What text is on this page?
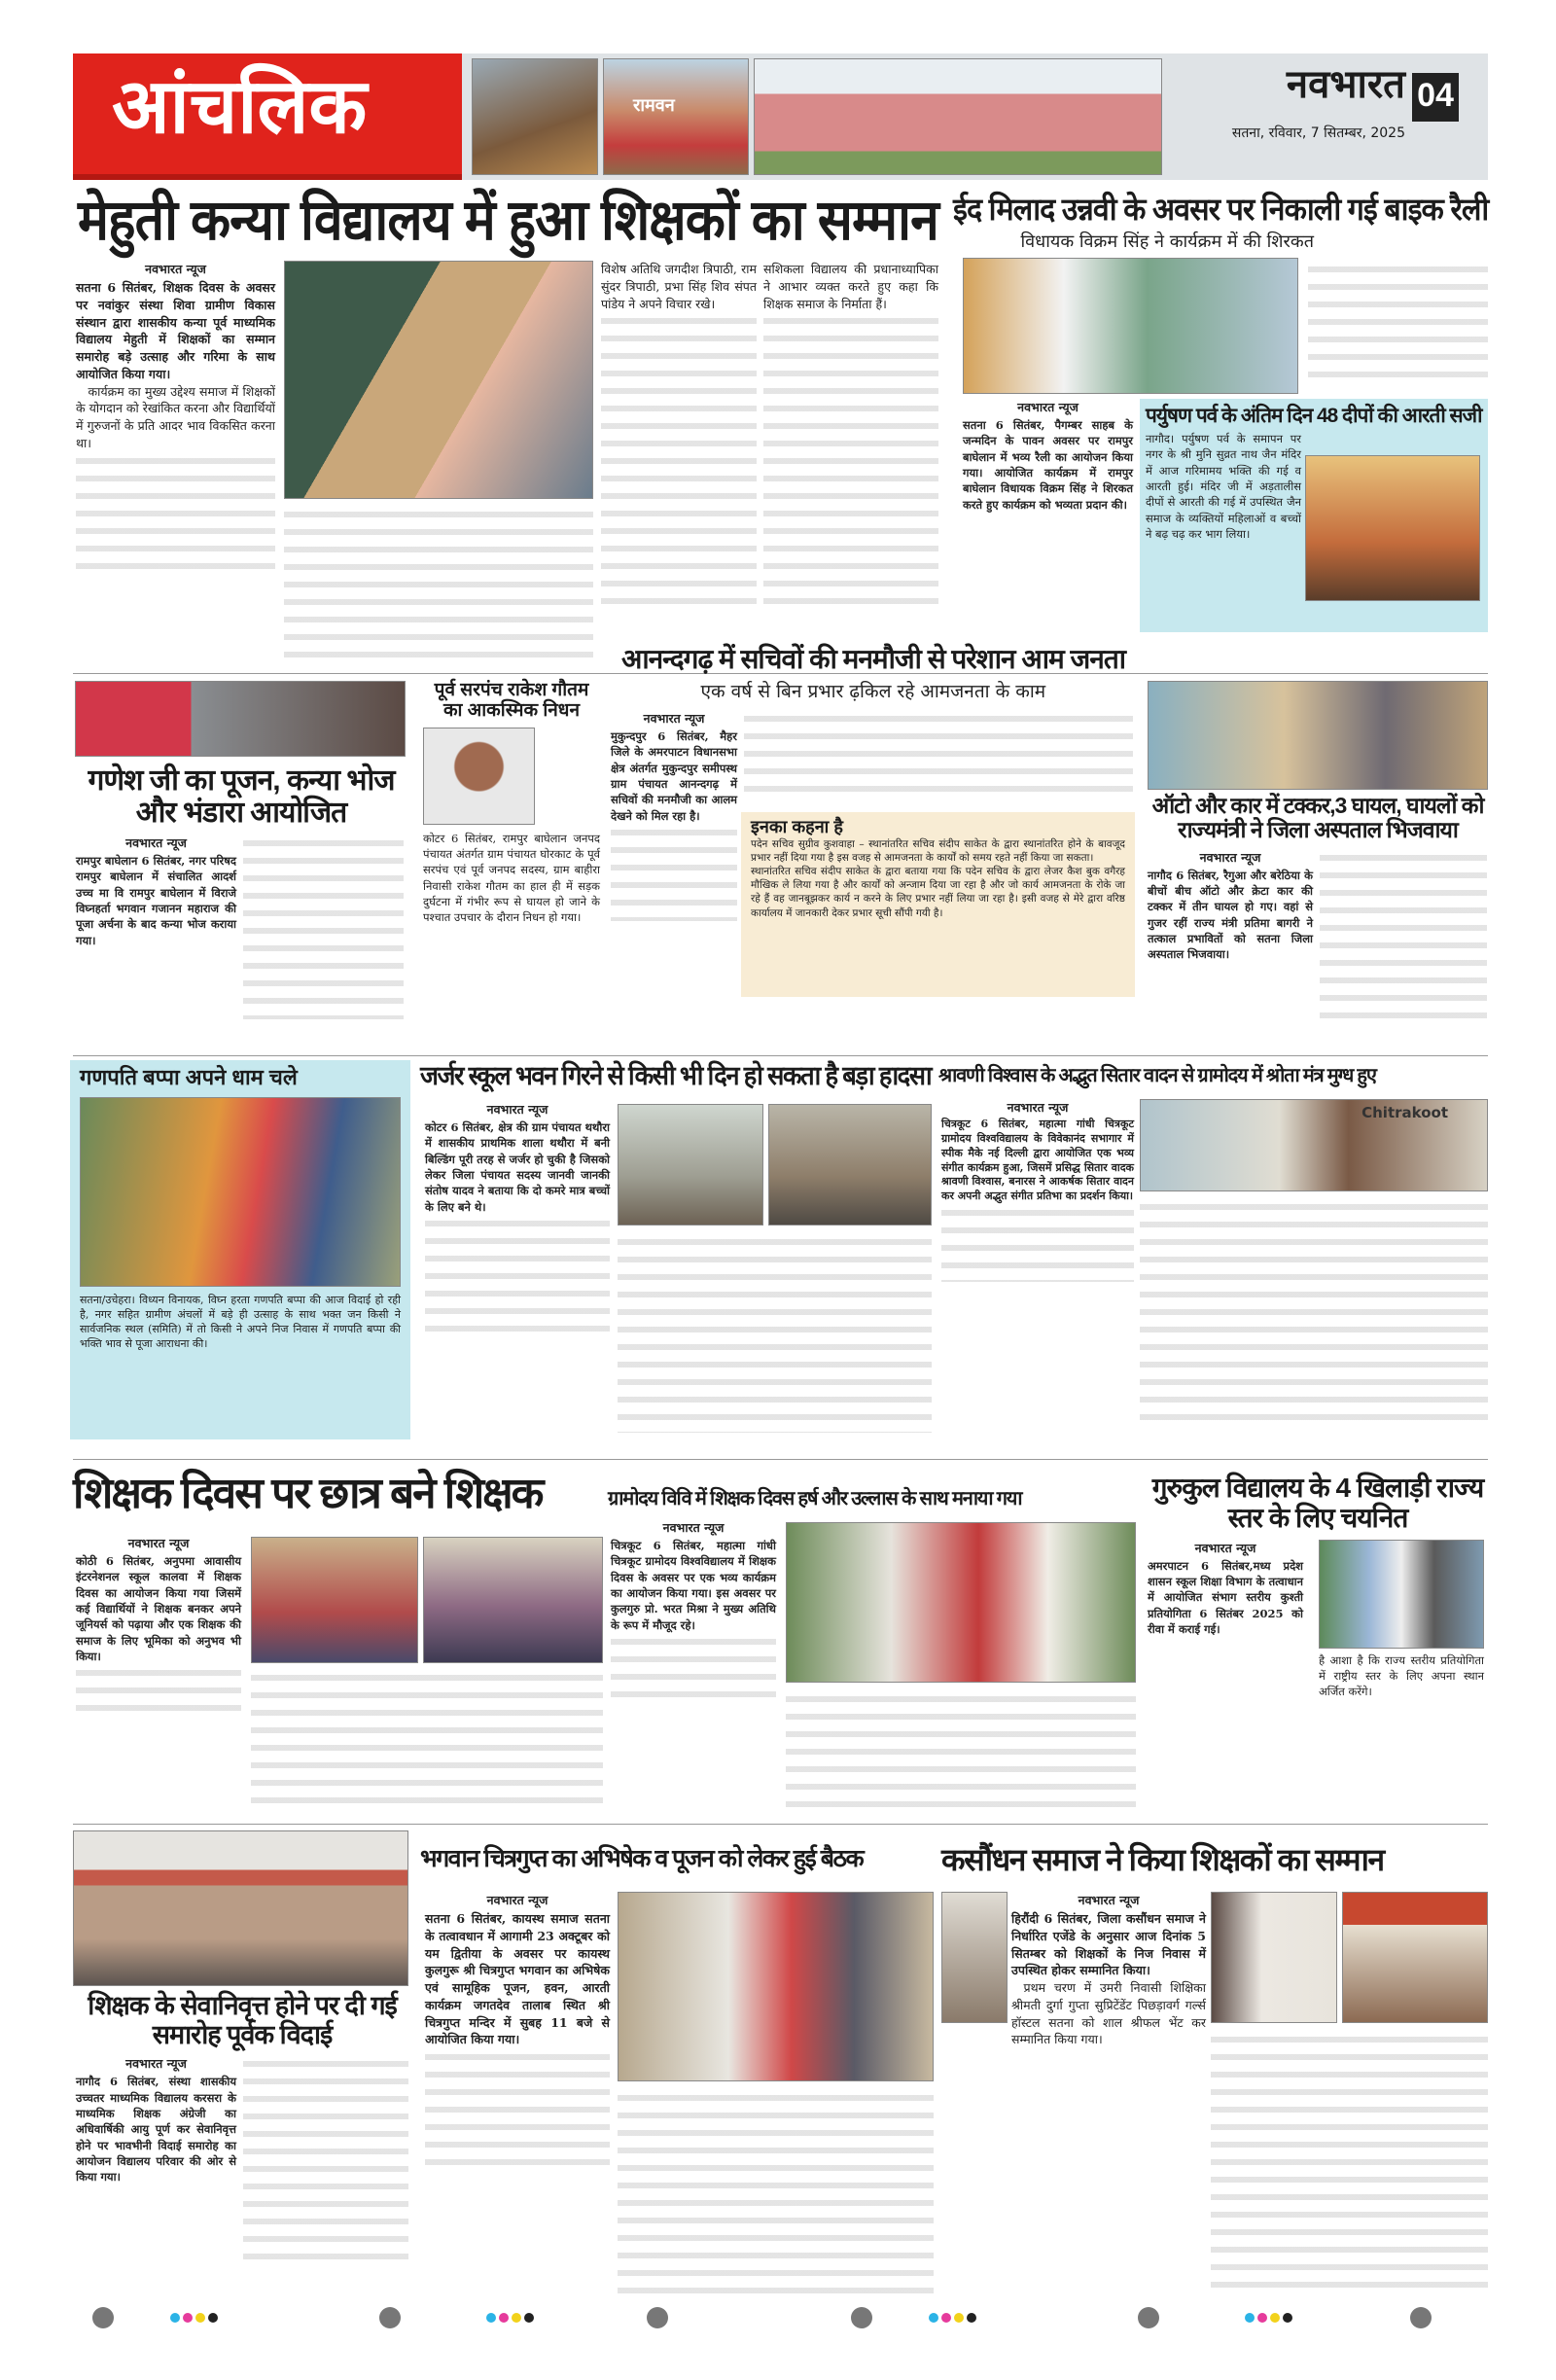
आंचलिक	रामवन	नवभारत
सतना, रविवार, 7 सितम्बर, 2025
04
मेहुती कन्या विद्यालय में हुआ शिक्षकों का सम्मान
नवभारत न्यूज

सतना 6 सितंबर, शिक्षक दिवस के अवसर पर नवांकुर संस्था शिवा ग्रामीण विकास संस्थान द्वारा शासकीय कन्या पूर्व माध्यमिक विद्यालय मेहुती में शिक्षकों का सम्मान समारोह बड़े उत्साह और गरिमा के साथ आयोजित किया गया।

कार्यक्रम का मुख्य उद्देश्य समाज में शिक्षकों के योगदान को रेखांकित करना और विद्यार्थियों में गुरुजनों के प्रति आदर भाव विकसित करना था।

विशेष अतिथि जगदीश त्रिपाठी, राम सुंदर त्रिपाठी, प्रभा सिंह शिव संपत पांडेय ने अपने विचार रखे।

सशिकला विद्यालय की प्रधानाध्यापिका ने आभार व्यक्त करते हुए कहा कि शिक्षक समाज के निर्माता हैं।

ईद मिलाद उन्नवी के अवसर पर निकाली गई बाइक रैली
विधायक विक्रम सिंह ने कार्यक्रम में की शिरकत
नवभारत न्यूज

सतना 6 सितंबर, पैगम्बर साहब के जन्मदिन के पावन अवसर पर रामपुर बाघेलान में भव्य रैली का आयोजन किया गया। आयोजित कार्यक्रम में रामपुर बाघेलान विधायक विक्रम सिंह ने शिरकत करते हुए कार्यक्रम को भव्यता प्रदान की।

पर्युषण पर्व के अंतिम दिन 48 दीपों की आरती सजी

नागौद। पर्युषण पर्व के समापन पर नगर के श्री मुनि सुव्रत नाथ जैन मंदिर में आज गरिमामय भक्ति की गई व आरती हुई। मंदिर जी में अड़तालीस दीपों से आरती की गई में उपस्थित जैन समाज के व्यक्तियों महिलाओं व बच्चों ने बढ़ चढ़ कर भाग लिया।

गणेश जी का पूजन, कन्या भोज और भंडारा आयोजित
नवभारत न्यूज

रामपुर बाघेलान 6 सितंबर, नगर परिषद रामपुर बाघेलान में संचालित आदर्श उच्च मा वि रामपुर बाघेलान में विराजे विघ्नहर्ता भगवान गजानन महाराज की पूजा अर्चना के बाद कन्या भोज कराया गया।

पूर्व सरपंच राकेश गौतम का आकस्मिक निधन

कोटर 6 सितंबर, रामपुर बाघेलान जनपद पंचायत अंतर्गत ग्राम पंचायत घोरकाट के पूर्व सरपंच एवं पूर्व जनपद सदस्य, ग्राम बाहीरा निवासी राकेश गौतम का हाल ही में सड़क दुर्घटना में गंभीर रूप से घायल हो जाने के पश्चात उपचार के दौरान निधन हो गया।

आनन्दगढ़ में सचिवों की मनमौजी से परेशान आम जनता
एक वर्ष से बिन प्रभार ढ़किल रहे आमजनता के काम
नवभारत न्यूज

मुकुन्दपुर 6 सितंबर, मैहर जिले के अमरपाटन विधानसभा क्षेत्र अंतर्गत मुकुन्दपुर समीपस्थ ग्राम पंचायत आनन्दगढ़ में सचिवों की मनमौजी का आलम देखने को मिल रहा है।

इनका कहना है

पदेन सचिव सुग्रीव कुशवाहा – स्थानांतरित सचिव संदीप साकेत के द्वारा स्थानांतरित होने के बावजूद प्रभार नहीं दिया गया है इस वजह से आमजनता के कार्यों को समय रहते नहीं किया जा सकता।

स्थानांतरित सचिव संदीप साकेत के द्वारा बताया गया कि पदेन सचिव के द्वारा लेजर कैश बुक वगैरह मौखिक ले लिया गया है और कार्यों को अन्जाम दिया जा रहा है और जो कार्य आमजनता के रोके जा रहे हैं वह जानबूझकर कार्य न करने के लिए प्रभार नहीं लिया जा रहा है। इसी वजह से मेरे द्वारा वरिष्ठ कार्यालय में जानकारी देकर प्रभार सूची सौंपी गयी है।

ऑटो और कार में टक्कर,3 घायल, घायलों को राज्यमंत्री ने जिला अस्पताल भिजवाया
नवभारत न्यूज

नागौद 6 सितंबर, रैगुआ और बरेठिया के बीचों बीच ऑटो और क्रेटा कार की टक्कर में तीन घायल हो गए। वहां से गुजर रहीं राज्य मंत्री प्रतिमा बागरी ने तत्काल प्रभावितों को सतना जिला अस्पताल भिजवाया।

गणपति बप्पा अपने धाम चले

सतना/उचेहरा। विध्यन विनायक, विघ्न हरता गणपति बप्पा की आज विदाई हो रही है, नगर सहित ग्रामीण अंचलों में बड़े ही उत्साह के साथ भक्त जन किसी ने सार्वजनिक स्थल (समिति) में तो किसी ने अपने निज निवास में गणपति बप्पा की भक्ति भाव से पूजा आराधना की।

जर्जर स्कूल भवन गिरने से किसी भी दिन हो सकता है बड़ा हादसा
नवभारत न्यूज

कोटर 6 सितंबर, क्षेत्र की ग्राम पंचायत थथौरा में शासकीय प्राथमिक शाला थथौरा में बनी बिल्डिंग पूरी तरह से जर्जर हो चुकी है जिसको लेकर जिला पंचायत सदस्य जानवी जानकी संतोष यादव ने बताया कि दो कमरे मात्र बच्चों के लिए बने थे।

श्रावणी विश्वास के अद्भुत सितार वादन से ग्रामोदय में श्रोता मंत्र मुग्ध हुए
नवभारत न्यूज

चित्रकूट 6 सितंबर, महात्मा गांधी चित्रकूट ग्रामोदय विश्वविद्यालय के विवेकानंद सभागार में स्पीक मैके नई दिल्ली द्वारा आयोजित एक भव्य संगीत कार्यक्रम हुआ, जिसमें प्रसिद्ध सितार वादक श्रावणी विश्वास, बनारस ने आकर्षक सितार वादन कर अपनी अद्भुत संगीत प्रतिभा का प्रदर्शन किया।

Chitrakoot
शिक्षक दिवस पर छात्र बने शिक्षक
नवभारत न्यूज

कोठी 6 सितंबर, अनुपमा आवासीय इंटरनेशनल स्कूल कालवा में शिक्षक दिवस का आयोजन किया गया जिसमें कई विद्यार्थियों ने शिक्षक बनकर अपने जूनियर्स को पढ़ाया और एक शिक्षक की समाज के लिए भूमिका को अनुभव भी किया।

ग्रामोदय विवि में शिक्षक दिवस हर्ष और उल्लास के साथ मनाया गया
नवभारत न्यूज

चित्रकूट 6 सितंबर, महात्मा गांधी चित्रकूट ग्रामोदय विश्वविद्यालय में शिक्षक दिवस के अवसर पर एक भव्य कार्यक्रम का आयोजन किया गया। इस अवसर पर कुलगुरु प्रो. भरत मिश्रा ने मुख्य अतिथि के रूप में मौजूद रहे।

गुरुकुल विद्यालय के 4 खिलाड़ी राज्य स्तर के लिए चयनित
नवभारत न्यूज

अमरपाटन 6 सितंबर,मध्य प्रदेश शासन स्कूल शिक्षा विभाग के तत्वाधान में आयोजित संभाग स्तरीय कुश्ती प्रतियोगिता 6 सितंबर 2025 को रीवा में कराई गई।

है आशा है कि राज्य स्तरीय प्रतियोगिता में राष्ट्रीय स्तर के लिए अपना स्थान अर्जित करेंगे।

शिक्षक के सेवानिवृत्त होने पर दी गई समारोह पूर्वक विदाई
नवभारत न्यूज

नागौद 6 सितंबर, संस्था शासकीय उच्चतर माध्यमिक विद्यालय करसरा के माध्यमिक शिक्षक अंग्रेजी का अधिवार्षिकी आयु पूर्ण कर सेवानिवृत्त होने पर भावभीनी विदाई समारोह का आयोजन विद्यालय परिवार की ओर से किया गया।

भगवान चित्रगुप्त का अभिषेक व पूजन को लेकर हुई बैठक
नवभारत न्यूज

सतना 6 सितंबर, कायस्थ समाज सतना के तत्वावधान में आगामी 23 अक्टूबर को यम द्वितीया के अवसर पर कायस्थ कुलगुरू श्री चित्रगुप्त भगवान का अभिषेक एवं सामूहिक पूजन, हवन, आरती कार्यक्रम जगतदेव तालाब स्थित श्री चित्रगुप्त मन्दिर में सुबह 11 बजे से आयोजित किया गया।

कसौंधन समाज ने किया शिक्षकों का सम्मान
नवभारत न्यूज

हिरौंदी 6 सितंबर, जिला कसौंधन समाज ने निर्धारित एजेंडे के अनुसार आज दिनांक 5 सितम्बर को शिक्षकों के निज निवास में उपस्थित होकर सम्मानित किया।

प्रथम चरण में उमरी निवासी शिक्षिका श्रीमती दुर्गा गुप्ता सुप्रिटेंडेंट पिछड़ावर्ग गर्ल्स हॉस्टल सतना को शाल श्रीफल भेंट कर सम्मानित किया गया।
